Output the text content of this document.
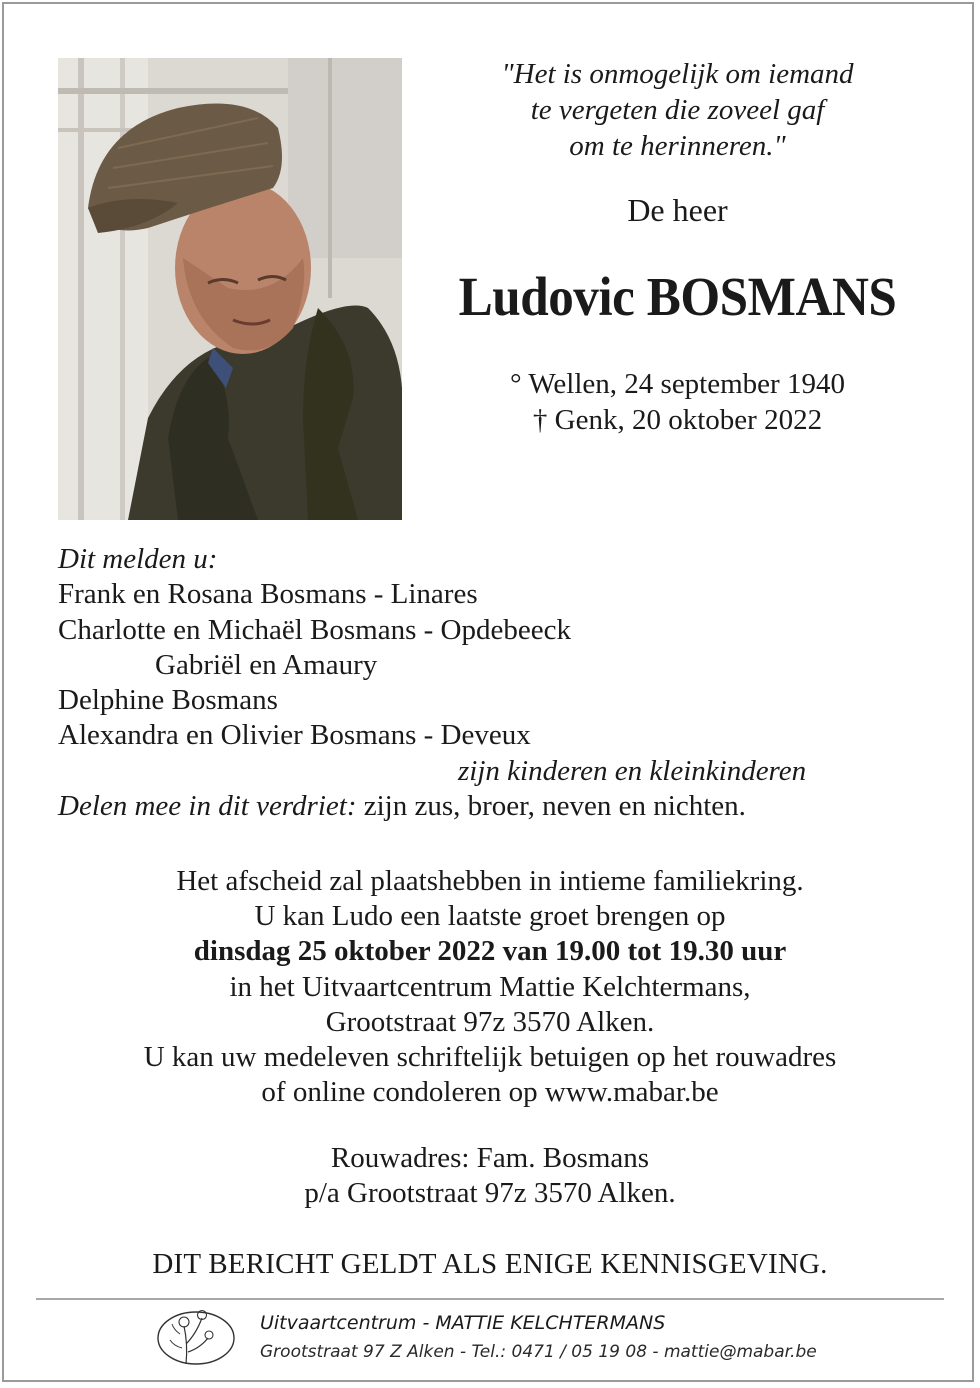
"Het is onmogelijk om iemand
te vergeten die zoveel gaf
om te herinneren."
De heer
Ludovic BOSMANS
° Wellen, 24 september 1940
† Genk, 20 oktober 2022
Dit melden u:
Frank en Rosana Bosmans - Linares
Charlotte en Michaël Bosmans - Opdebeeck
Gabriël en Amaury
Delphine Bosmans
Alexandra en Olivier Bosmans - Deveux
zijn kinderen en kleinkinderen
Delen mee in dit verdriet: zijn zus, broer, neven en nichten.
Het afscheid zal plaatshebben in intieme familiekring.
U kan Ludo een laatste groet brengen op
dinsdag 25 oktober 2022 van 19.00 tot 19.30 uur
in het Uitvaartcentrum Mattie Kelchtermans,
Grootstraat 97z 3570 Alken.
U kan uw medeleven schriftelijk betuigen op het rouwadres
of online condoleren op www.mabar.be
Rouwadres: Fam. Bosmans
p/a Grootstraat 97z 3570 Alken.
DIT BERICHT GELDT ALS ENIGE KENNISGEVING.
Uitvaartcentrum - MATTIE KELCHTERMANS
Grootstraat 97 Z Alken - Tel.: 0471 / 05 19 08 - mattie@mabar.be
